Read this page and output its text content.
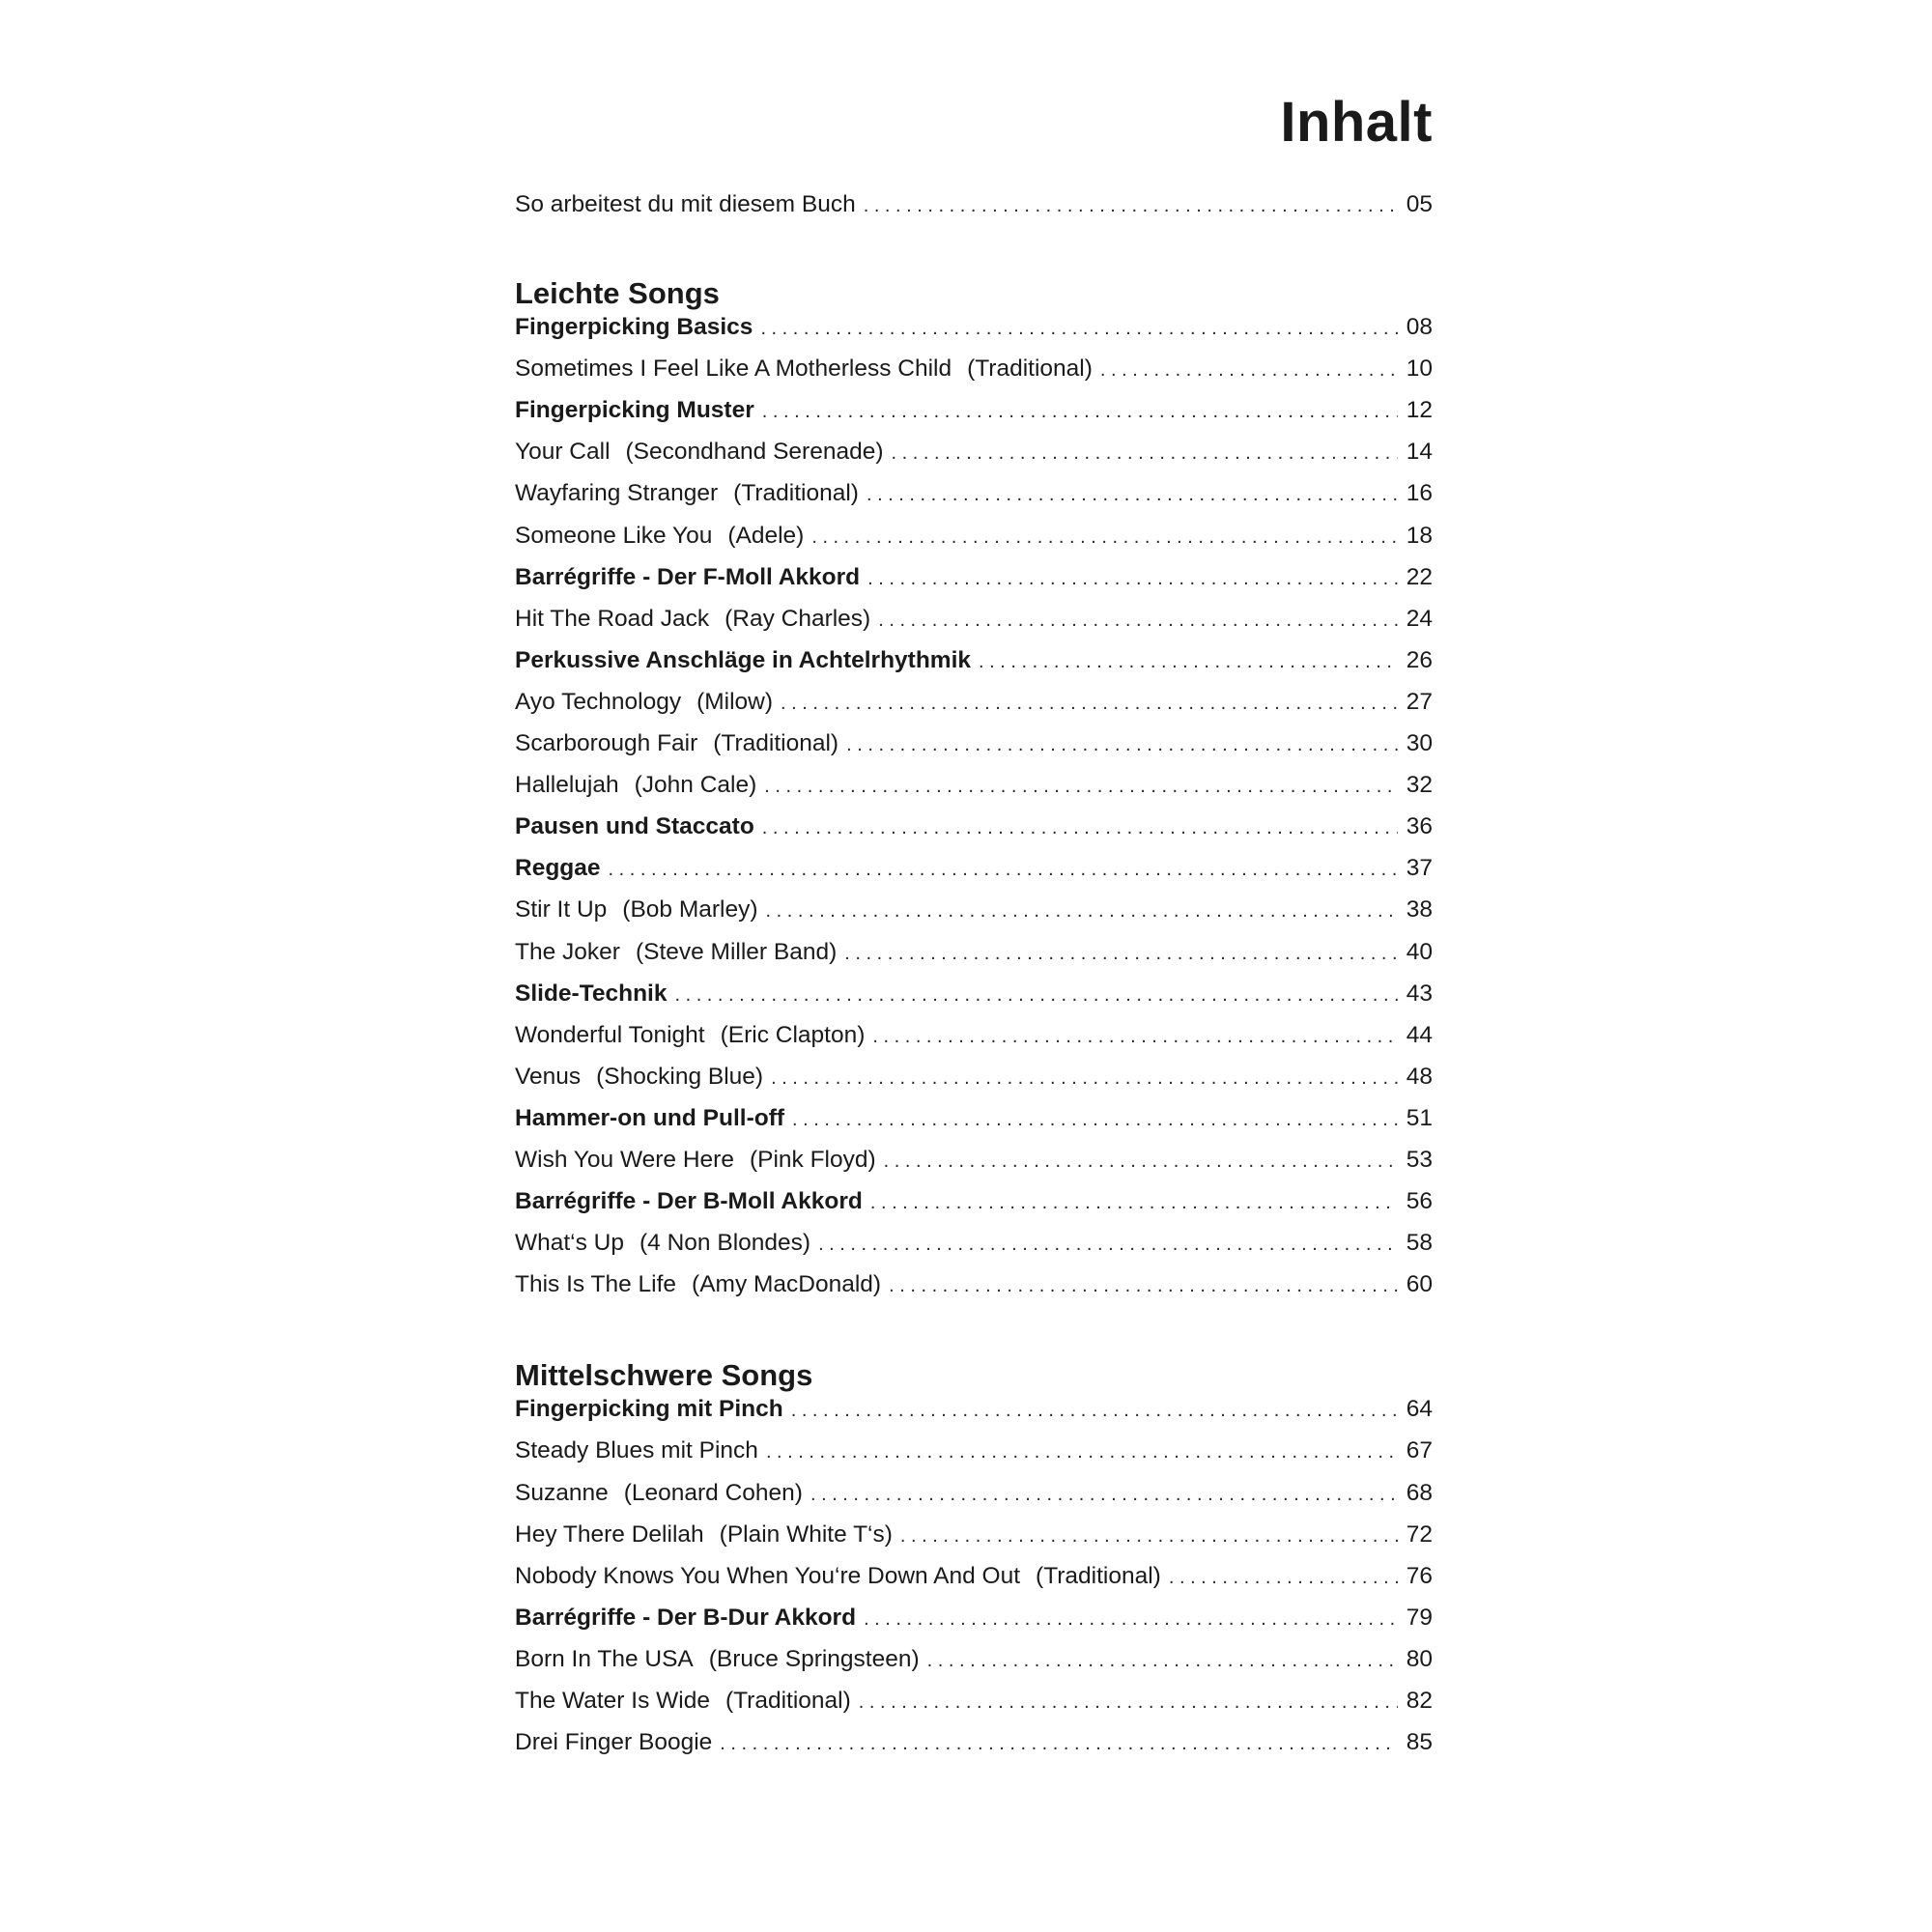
Inhalt
So arbeitest du mit diesem Buch . . .	05
Leichte Songs
Fingerpicking Basics . . .	08
Sometimes I Feel Like A Motherless Child (Traditional) . . .	10
Fingerpicking Muster . . .	12
Your Call (Secondhand Serenade) . . .	14
Wayfaring Stranger (Traditional) . . .	16
Someone Like You (Adele) . . .	18
Barrégriffe - Der F-Moll Akkord . . .	22
Hit The Road Jack (Ray Charles) . . .	24
Perkussive Anschläge in Achtelrhythmik . . .	26
Ayo Technology (Milow) . . .	27
Scarborough Fair (Traditional) . . .	30
Hallelujah (John Cale) . . .	32
Pausen und Staccato . . .	36
Reggae . . .	37
Stir It Up (Bob Marley) . . .	38
The Joker (Steve Miller Band) . . .	40
Slide-Technik . . .	43
Wonderful Tonight (Eric Clapton) . . .	44
Venus (Shocking Blue) . . .	48
Hammer-on und Pull-off . . .	51
Wish You Were Here (Pink Floyd) . . .	53
Barrégriffe - Der B-Moll Akkord . . .	56
What‘s Up (4 Non Blondes) . . .	58
This Is The Life (Amy MacDonald) . . .	60
Mittelschwere Songs
Fingerpicking mit Pinch . . .	64
Steady Blues mit Pinch . . .	67
Suzanne (Leonard Cohen) . . .	68
Hey There Delilah (Plain White T‘s) . . .	72
Nobody Knows You When You‘re Down And Out (Traditional) . . .	76
Barrégriffe - Der B-Dur Akkord . . .	79
Born In The USA (Bruce Springsteen) . . .	80
The Water Is Wide (Traditional) . . .	82
Drei Finger Boogie . . .	85
